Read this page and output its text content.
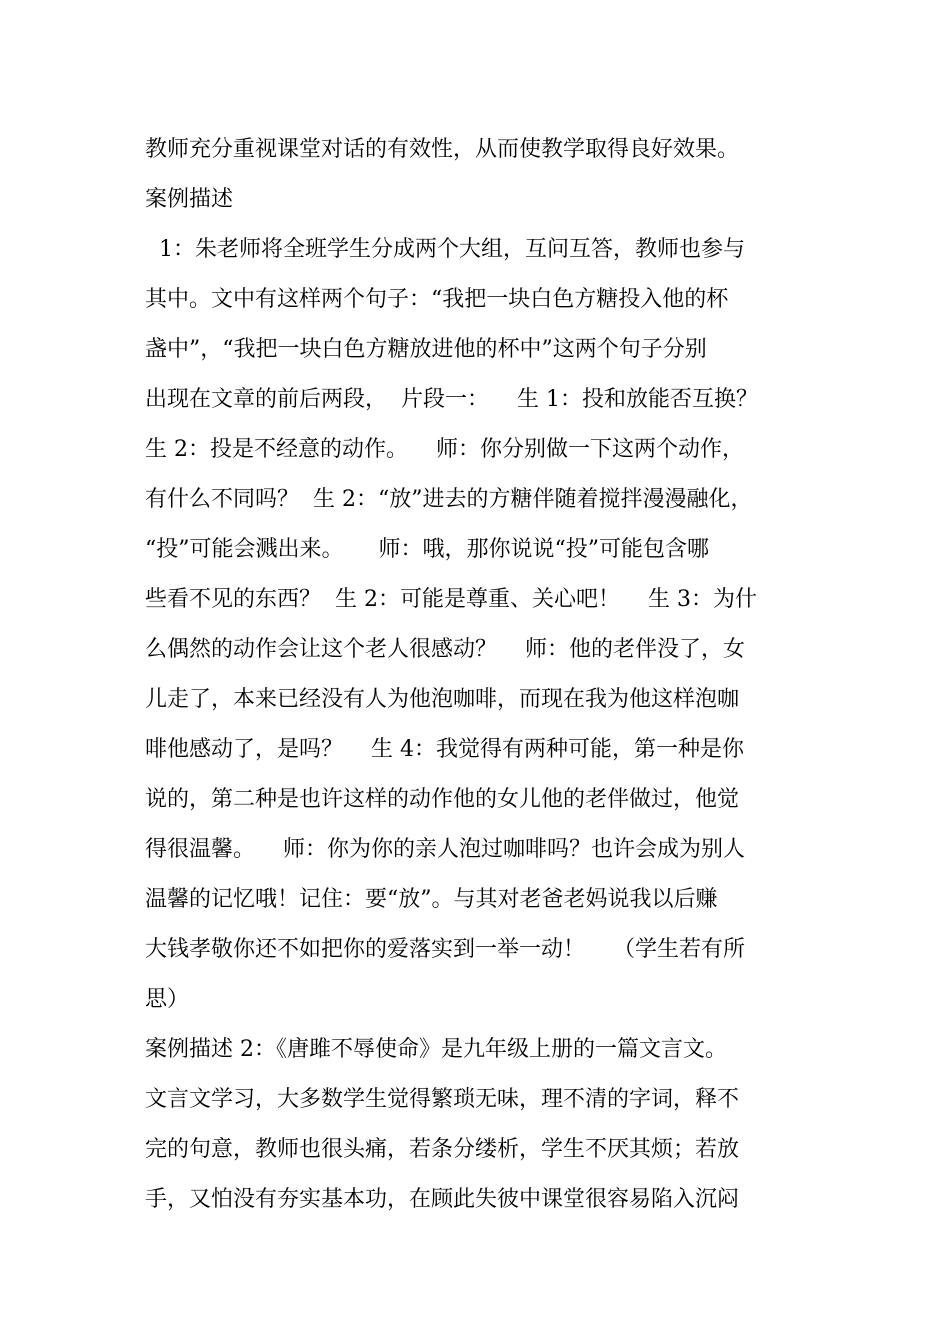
教师充分重视课堂对话的有效性，从而使教学取得良好效果。
案例描述
1：朱老师将全班学生分成两个大组，互问互答，教师也参与
其中。文中有这样两个句子：“我把一块白色方糖投入他的杯
盏中”，“我把一块白色方糖放进他的杯中”这两个句子分别
出现在文章的前后两段，  片段一：    生 1：投和放能否互换？
生 2：投是不经意的动作。    师：你分别做一下这两个动作，
有什么不同吗？  生 2：“放”进去的方糖伴随着搅拌漫漫融化，
“投”可能会溅出来。     师：哦，那你说说“投”可能包含哪
些看不见的东西？  生 2：可能是尊重、关心吧！    生 3：为什
么偶然的动作会让这个老人很感动？    师：他的老伴没了，女
儿走了，本来已经没有人为他泡咖啡，而现在我为他这样泡咖
啡他感动了，是吗？    生 4：我觉得有两种可能，第一种是你
说的，第二种是也许这样的动作他的女儿他的老伴做过，他觉
得很温馨。    师：你为你的亲人泡过咖啡吗？也许会成为别人
温馨的记忆哦！记住：要“放”。与其对老爸老妈说我以后赚
大钱孝敬你还不如把你的爱落实到一举一动！    （学生若有所
思）
案例描述 2：《唐雎不辱使命》是九年级上册的一篇文言文。
文言文学习，大多数学生觉得繁琐无味，理不清的字词，释不
完的句意，教师也很头痛，若条分缕析，学生不厌其烦；若放
手，又怕没有夯实基本功，在顾此失彼中课堂很容易陷入沉闷
